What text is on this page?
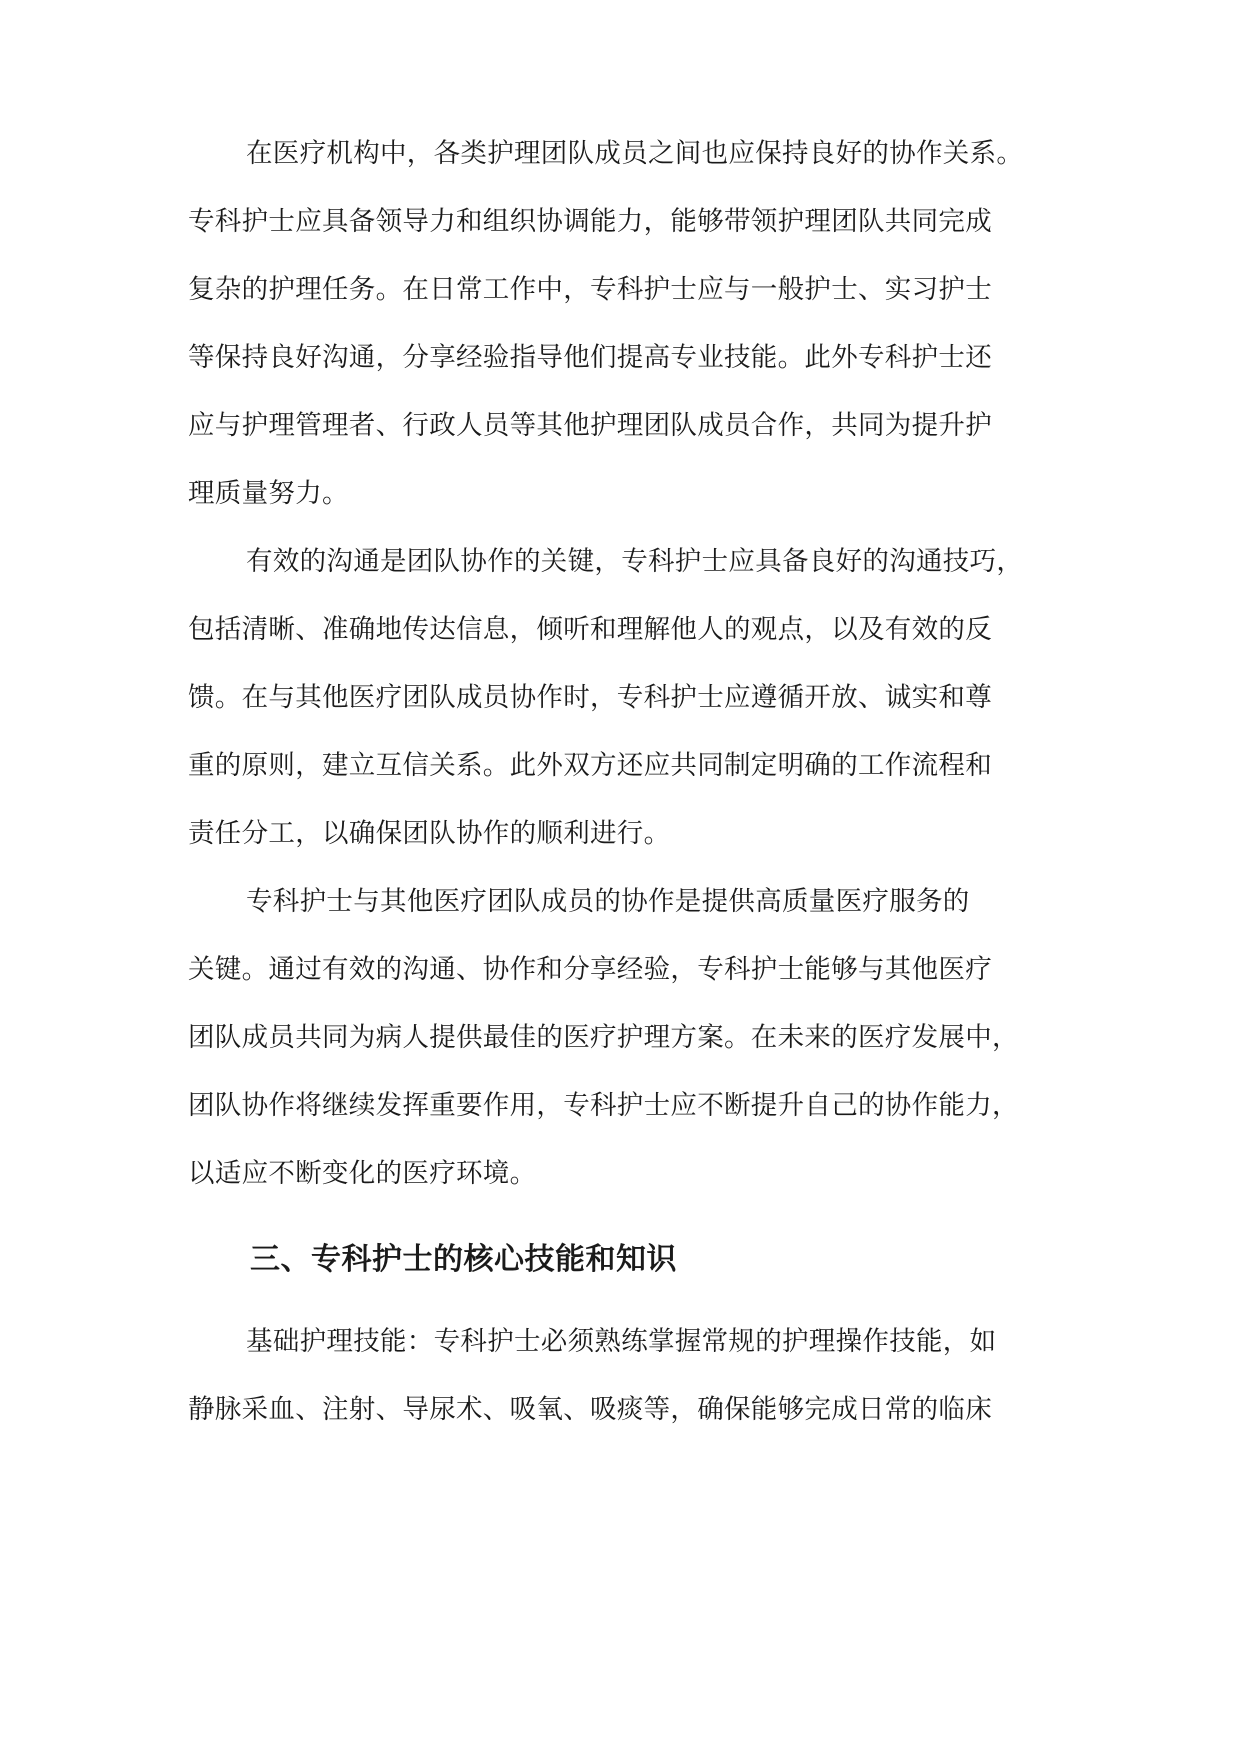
在医疗机构中，各类护理团队成员之间也应保持良好的协作关系。
专科护士应具备领导力和组织协调能力，能够带领护理团队共同完成
复杂的护理任务。在日常工作中，专科护士应与一般护士、实习护士
等保持良好沟通，分享经验指导他们提高专业技能。此外专科护士还
应与护理管理者、行政人员等其他护理团队成员合作，共同为提升护
理质量努力。
有效的沟通是团队协作的关键，专科护士应具备良好的沟通技巧，
包括清晰、准确地传达信息，倾听和理解他人的观点，以及有效的反
馈。在与其他医疗团队成员协作时，专科护士应遵循开放、诚实和尊
重的原则，建立互信关系。此外双方还应共同制定明确的工作流程和
责任分工，以确保团队协作的顺利进行。
专科护士与其他医疗团队成员的协作是提供高质量医疗服务的
关键。通过有效的沟通、协作和分享经验，专科护士能够与其他医疗
团队成员共同为病人提供最佳的医疗护理方案。在未来的医疗发展中，
团队协作将继续发挥重要作用，专科护士应不断提升自己的协作能力，
以适应不断变化的医疗环境。
三、专科护士的核心技能和知识
基础护理技能：专科护士必须熟练掌握常规的护理操作技能，如
静脉采血、注射、导尿术、吸氧、吸痰等，确保能够完成日常的临床
